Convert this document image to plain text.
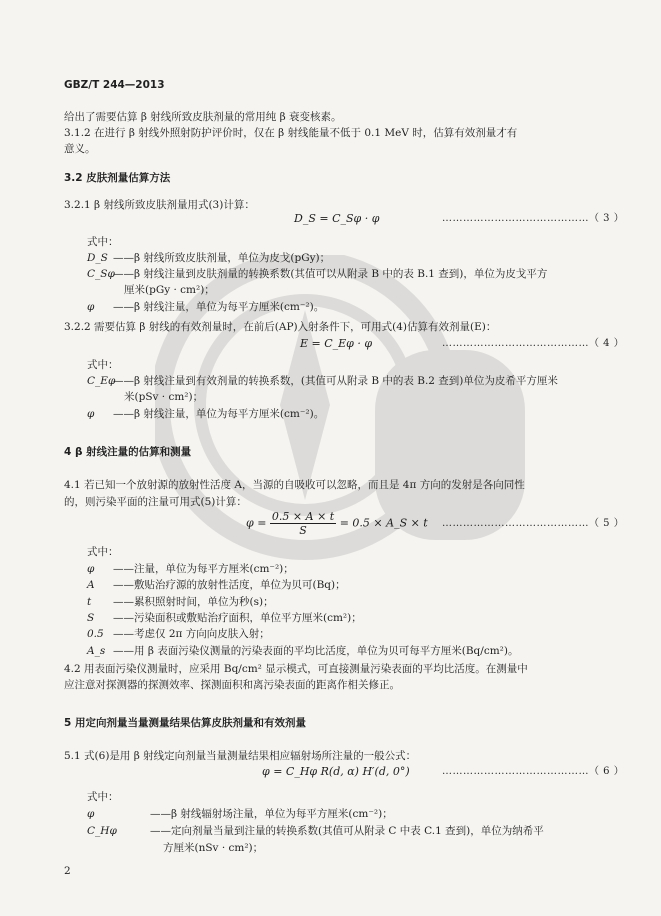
GBZ/T 244—2013
给出了需要估算 β 射线所致皮肤剂量的常用纯 β 衰变核素。
3.1.2 在进行 β 射线外照射防护评价时，仅在 β 射线能量不低于 0.1 MeV 时，估算有效剂量才有
意义。
3.2 皮肤剂量估算方法
3.2.1 β 射线所致皮肤剂量用式(3)计算：
D_S = C_Sφ · φ	……………………………………（ 3 ）
式中：
D_S ——β 射线所致皮肤剂量，单位为皮戈(pGy)；
C_Sφ
——β 射线注量到皮肤剂量的转换系数(其值可以从附录 B 中的表 B.1 查到)，单位为皮戈平方
厘米(pGy · cm²)；
φ ——β 射线注量，单位为每平方厘米(cm⁻²)。
3.2.2 需要估算 β 射线的有效剂量时，在前后(AP)入射条件下，可用式(4)估算有效剂量(E)：
E = C_Eφ · φ	……………………………………（ 4 ）
式中：
C_Eφ
——β 射线注量到有效剂量的转换系数，(其值可从附录 B 中的表 B.2 查到)单位为皮希平方厘米
米(pSv · cm²)；
φ ——β 射线注量，单位为每平方厘米(cm⁻²)。
4 β 射线注量的估算和测量
4.1 若已知一个放射源的放射性活度 A，当源的自吸收可以忽略，而且是 4π 方向的发射是各向同性
的，则污染平面的注量可用式(5)计算：
$\varphi = \frac{0.5 \times A \times t}{S} = 0.5$ × A_S × t ……………………………………（ 5 ）
式中：
φ ——注量，单位为每平方厘米(cm⁻²)；
A ——敷贴治疗源的放射性活度，单位为贝可(Bq)；
t ——累积照射时间，单位为秒(s)；
S ——污染面积或敷贴治疗面积，单位平方厘米(cm²)；
0.5 ——考虑仅 2π 方向向皮肤入射；
A_s ——用 β 表面污染仪测量的污染表面的平均比活度，单位为贝可每平方厘米(Bq/cm²)。
4.2 用表面污染仪测量时，应采用 Bq/cm² 显示模式，可直接测量污染表面的平均比活度。在测量中
应注意对探测器的探测效率、探测面积和离污染表面的距离作相关修正。
5 用定向剂量当量测量结果估算皮肤剂量和有效剂量
5.1 式(6)是用 β 射线定向剂量当量测量结果相应辐射场所注量的一般公式：
φ = C_Hφ R(d, α) H′(d, 0°)	……………………………………（ 6 ）
式中：
φ	——β 射线辐射场注量，单位为每平方厘米(cm⁻²)；
C_Hφ	——定向剂量当量到注量的转换系数(其值可从附录 C 中表 C.1 查到)，单位为纳希平
方厘米(nSv · cm²)；
2
